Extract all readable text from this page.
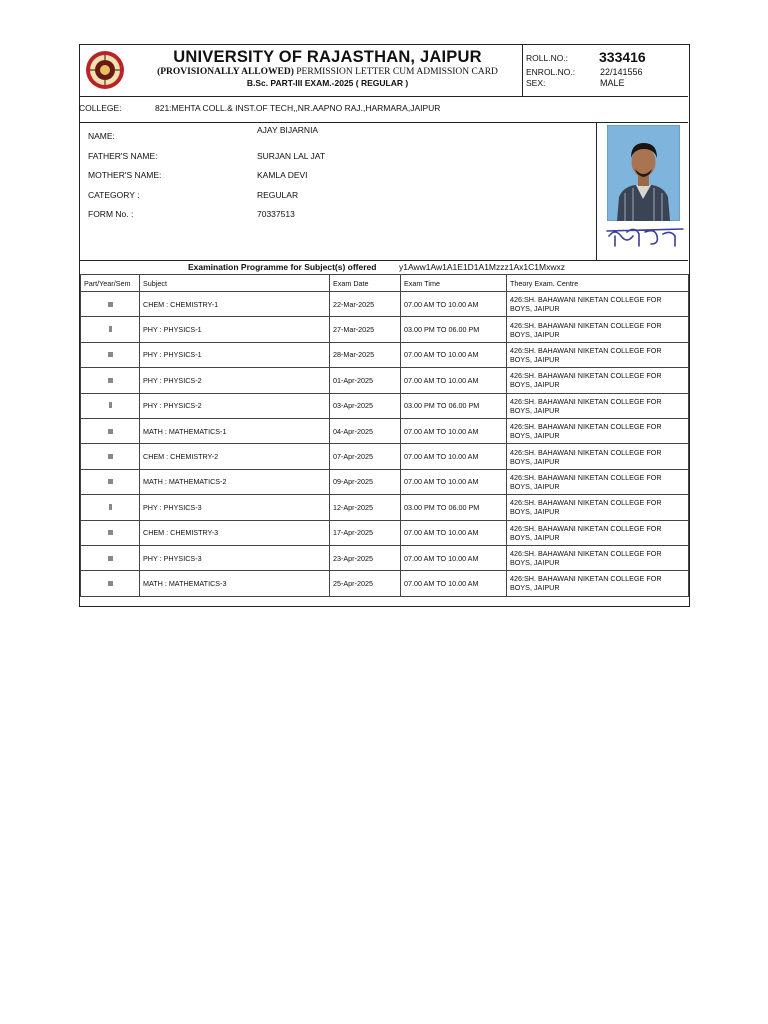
UNIVERSITY OF RAJASTHAN, JAIPUR
(PROVISIONALLY ALLOWED) PERMISSION LETTER CUM ADMISSION CARD
B.Sc. PART-III EXAM.-2025 ( REGULAR )
ROLL.NO.: 333416
ENROL.NO.:	22/141556
SEX:	MALE
COLLEGE:	821:MEHTA COLL.& INST.OF TECH,,NR.AAPNO RAJ.,HARMARA,JAIPUR
NAME:
AJAY BIJARNIA
FATHER'S NAME:	SURJAN LAL JAT
MOTHER'S NAME:	KAMLA DEVI
CATEGORY :	REGULAR
FORM No. :	70337513
Examination Programme for Subject(s) offered	y1Aww1Aw1A1E1D1A1Mzzz1Ax1C1Mxwxz
Part/Year/Sem	Subject	Exam Date	Exam Time	Theory Exam. Centre
	CHEM : CHEMISTRY-1	22-Mar-2025	07.00 AM TO 10.00 AM	426:SH. BAHAWANI NIKETAN COLLEGE FOR BOYS, JAIPUR
	PHY : PHYSICS-1	27-Mar-2025	03.00 PM TO 06.00 PM	426:SH. BAHAWANI NIKETAN COLLEGE FOR BOYS, JAIPUR
	PHY : PHYSICS-1	28-Mar-2025	07.00 AM TO 10.00 AM	426:SH. BAHAWANI NIKETAN COLLEGE FOR BOYS, JAIPUR
	PHY : PHYSICS-2	01-Apr-2025	07.00 AM TO 10.00 AM	426:SH. BAHAWANI NIKETAN COLLEGE FOR BOYS, JAIPUR
	PHY : PHYSICS-2	03-Apr-2025	03.00 PM TO 06.00 PM	426:SH. BAHAWANI NIKETAN COLLEGE FOR BOYS, JAIPUR
	MATH : MATHEMATICS-1	04-Apr-2025	07.00 AM TO 10.00 AM	426:SH. BAHAWANI NIKETAN COLLEGE FOR BOYS, JAIPUR
	CHEM : CHEMISTRY-2	07-Apr-2025	07.00 AM TO 10.00 AM	426:SH. BAHAWANI NIKETAN COLLEGE FOR BOYS, JAIPUR
	MATH : MATHEMATICS-2	09-Apr-2025	07.00 AM TO 10.00 AM	426:SH. BAHAWANI NIKETAN COLLEGE FOR BOYS, JAIPUR
	PHY : PHYSICS-3	12-Apr-2025	03.00 PM TO 06.00 PM	426:SH. BAHAWANI NIKETAN COLLEGE FOR BOYS, JAIPUR
	CHEM : CHEMISTRY-3	17-Apr-2025	07.00 AM TO 10.00 AM	426:SH. BAHAWANI NIKETAN COLLEGE FOR BOYS, JAIPUR
	PHY : PHYSICS-3	23-Apr-2025	07.00 AM TO 10.00 AM	426:SH. BAHAWANI NIKETAN COLLEGE FOR BOYS, JAIPUR
	MATH : MATHEMATICS-3	25-Apr-2025	07.00 AM TO 10.00 AM	426:SH. BAHAWANI NIKETAN COLLEGE FOR BOYS, JAIPUR
